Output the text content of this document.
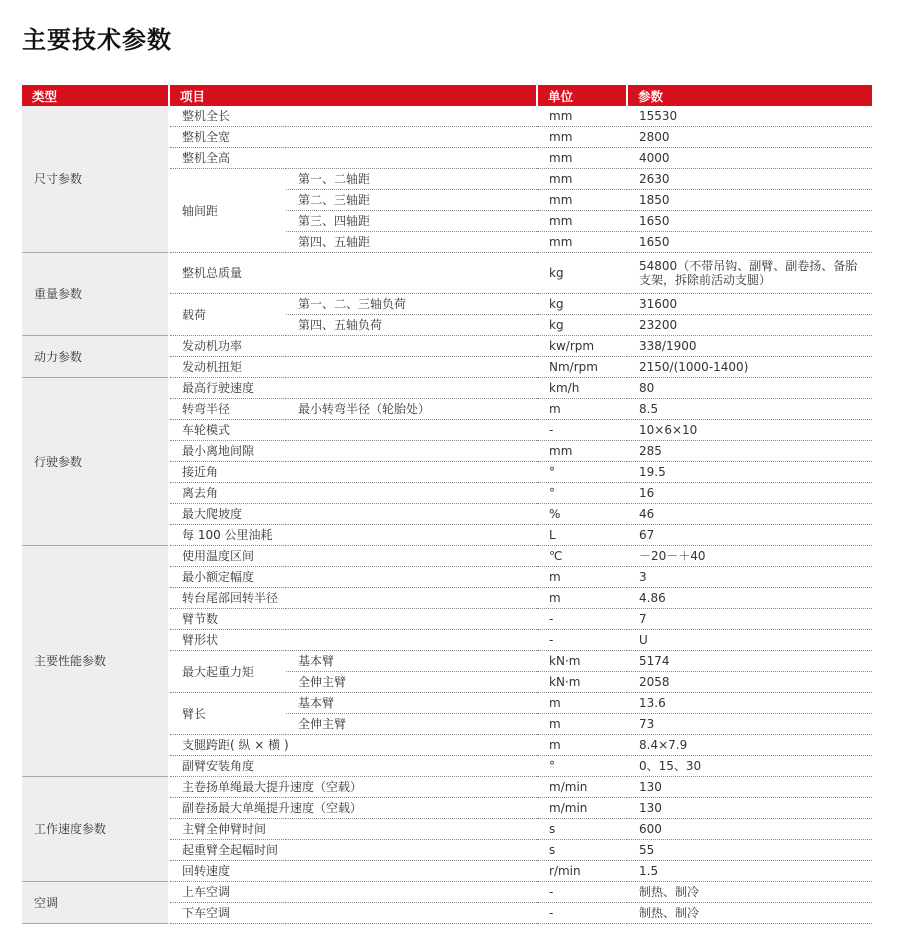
主要技术参数
类型	项目		单位	参数
尺寸参数	整机全长		mm	15530
	整机全宽		mm	2800
	整机全高		mm	4000
	轴间距	第一、二轴距	mm	2630
		第二、三轴距	mm	1850
		第三、四轴距	mm	1650
		第四、五轴距	mm	1650
重量参数	整机总质量		kg	54800（不带吊钩、副臂、副卷扬、备胎支架，拆除前活动支腿）
	载荷	第一、二、三轴负荷	kg	31600
		第四、五轴负荷	kg	23200
动力参数	发动机功率		kw/rpm	338/1900
	发动机扭矩		Nm/rpm	2150/(1000-1400)
行驶参数	最高行驶速度		km/h	80
	转弯半径	最小转弯半径（轮胎处）	m	8.5
	车轮模式		-	10×6×10
	最小离地间隙		mm	285
	接近角		°	19.5
	离去角		°	16
	最大爬坡度		%	46
	每 100 公里油耗		L	67
主要性能参数	使用温度区间		℃	－20－＋40
	最小额定幅度		m	3
	转台尾部回转半径		m	4.86
	臂节数		-	7
	臂形状		-	U
	最大起重力矩	基本臂	kN·m	5174
		全伸主臂	kN·m	2058
	臂长	基本臂	m	13.6
		全伸主臂	m	73
	支腿跨距( 纵 × 横 )		m	8.4×7.9
	副臂安装角度		°	0、15、30
工作速度参数	主卷扬单绳最大提升速度（空载）		m/min	130
	副卷扬最大单绳提升速度（空载）		m/min	130
	主臂全伸臂时间		s	600
	起重臂全起幅时间		s	55
	回转速度		r/min	1.5
空调	上车空调		-	制热、制冷
	下车空调		-	制热、制冷
